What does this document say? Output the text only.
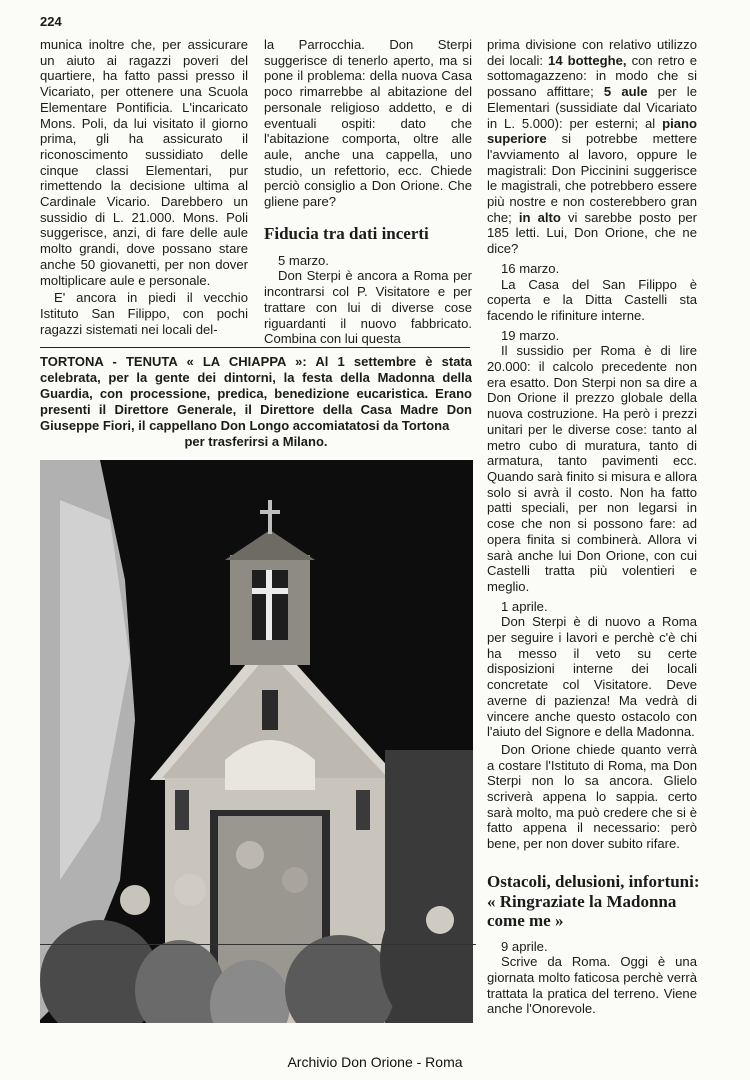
224

munica inoltre che, per assicurare un aiuto ai ragazzi poveri del quartiere, ha fatto passi presso il Vicariato, per ottenere una Scuola Elementare Pontificia. L'incaricato Mons. Poli, da lui visitato il giorno prima, gli ha assicurato il riconoscimento sussidiato delle cinque classi Elementari, pur rimettendo la decisione ultima al Cardinale Vicario. Darebbero un sussidio di L. 21.000. Mons. Poli suggerisce, anzi, di fare delle aule molto grandi, dove possano stare anche 50 giovanetti, per non dover moltiplicare aule e personale.

E' ancora in piedi il vecchio Istituto San Filippo, con pochi ragazzi sistemati nei locali del-

la Parrocchia. Don Sterpi suggerisce di tenerlo aperto, ma si pone il problema: della nuova Casa poco rimarrebbe al abitazione del personale religioso addetto, e di eventuali ospiti: dato che l'abitazione comporta, oltre alle aule, anche una cappella, uno studio, un refettorio, ecc. Chiede perciò consiglio a Don Orione. Che gliene pare?

Fiducia tra dati incerti

5 marzo.

Don Sterpi è ancora a Roma per incontrarsi col P. Visitatore e per trattare con lui di diverse cose riguardanti il nuovo fabbricato. Combina con lui questa

prima divisione con relativo utilizzo dei locali: 14 botteghe, con retro e sottomagazzeno: in modo che si possano affittare; 5 aule per le Elementari (sussidiate dal Vicariato in L. 5.000): per esterni; al piano superiore si potrebbe mettere l'avviamento al lavoro, oppure le magistrali: Don Piccinini suggerisce le magistrali, che potrebbero essere più nostre e non costerebbero gran che; in alto vi sarebbe posto per 185 letti. Lui, Don Orione, che ne dice?

16 marzo.

La Casa del San Filippo è coperta e la Ditta Castelli sta facendo le rifiniture interne.

19 marzo.

Il sussidio per Roma è di lire 20.000: il calcolo precedente non era esatto. Don Sterpi non sa dire a Don Orione il prezzo globale della nuova costruzione. Ha però i prezzi unitari per le diverse cose: tanto al metro cubo di muratura, tanto di armatura, tanto pavimenti ecc. Quando sarà finito si misura e allora solo si avrà il costo. Non ha fatto patti speciali, per non legarsi in cose che non si possono fare: ad opera finita si combinerà. Allora vi sarà anche lui Don Orione, con cui Castelli tratta più volentieri e meglio.

1 aprile.

Don Sterpi è di nuovo a Roma per seguire i lavori e perchè c'è chi ha messo il veto su certe disposizioni interne dei locali concretate col Visitatore. Deve averne di pazienza! Ma vedrà di vincere anche questo ostacolo con l'aiuto del Signore e della Madonna.

Don Orione chiede quanto verrà a costare l'Istituto di Roma, ma Don Sterpi non lo sa ancora. Glielo scriverà appena lo sappia. certo sarà molto, ma può credere che si è fatto appena il necessario: però bene, per non dover subito rifare.

Ostacoli, delusioni, infortuni: « Ringraziate la Madonna come me »

9 aprile.

Scrive da Roma. Oggi è una giornata molto faticosa perchè verrà trattata la pratica del terreno. Viene anche l'Onorevole.

TORTONA - TENUTA « LA CHIAPPA »: Al 1 settembre è stata celebrata, per la gente dei dintorni, la festa della Madonna della Guardia, con processione, predica, benedizione eucaristica. Erano presenti il Direttore Generale, il Direttore della Casa Madre Don Giuseppe Fiori, il cappellano Don Longo accomiatatosi da Tortona
per trasferirsi a Milano.
Archivio Don Orione - Roma
